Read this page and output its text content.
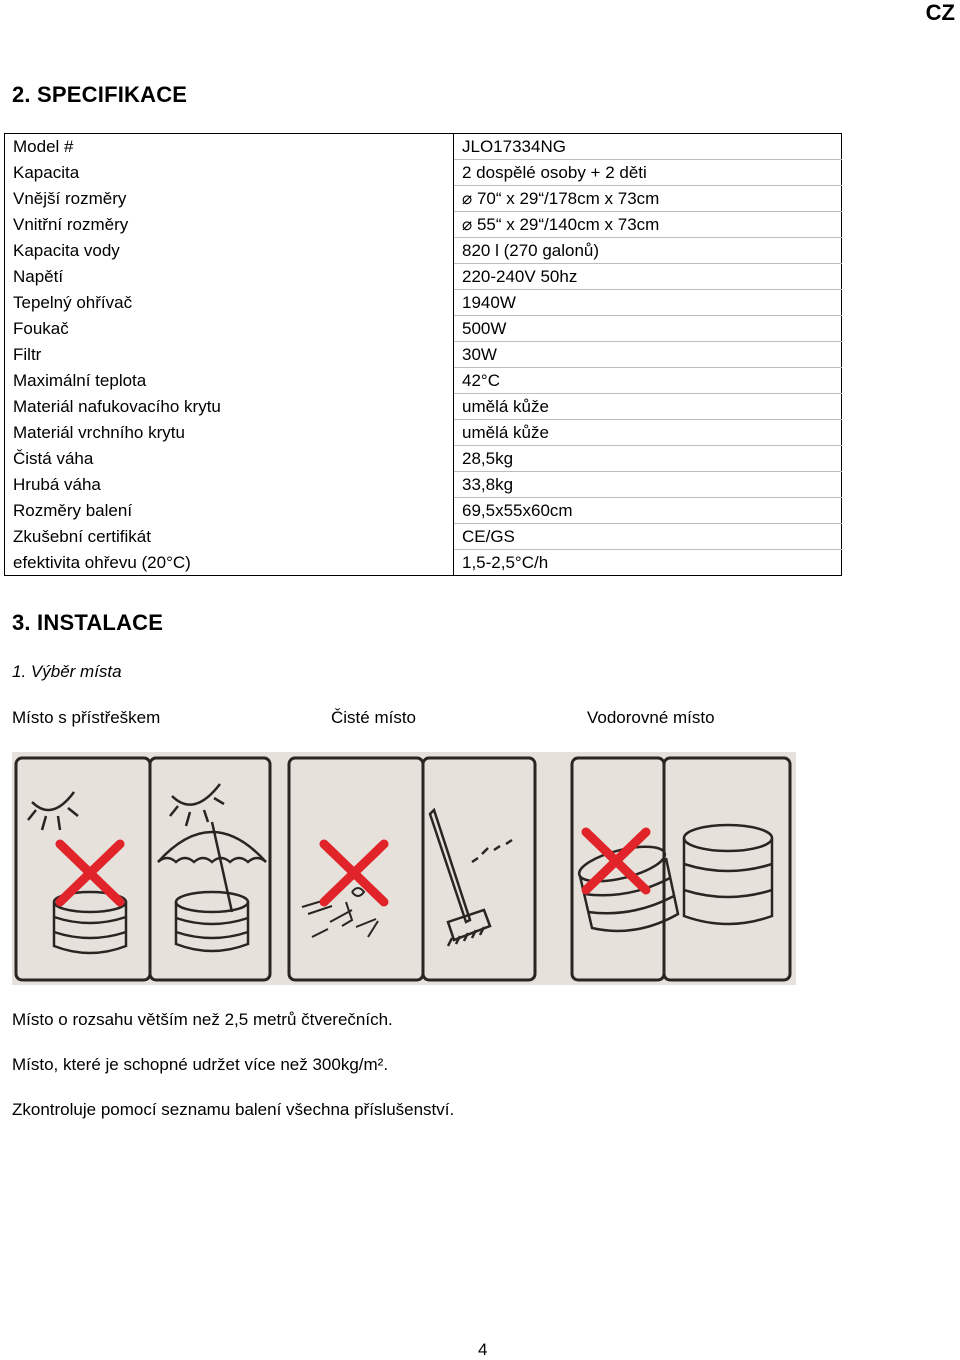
CZ
2. SPECIFIKACE
Model #	JLO17334NG
Kapacita	2 dospělé osoby + 2 děti
Vnější rozměry	⌀ 70“ x 29“/178cm x 73cm
Vnitřní rozměry	⌀ 55“ x 29“/140cm x 73cm
Kapacita vody	820 l (270 galonů)
Napětí	220-240V 50hz
Tepelný ohřívač	1940W
Foukač	500W
Filtr	30W
Maximální teplota	42°C
Materiál nafukovacího krytu	umělá kůže
Materiál vrchního krytu	umělá kůže
Čistá váha	28,5kg
Hrubá váha	33,8kg
Rozměry balení	69,5x55x60cm
Zkušební certifikát	CE/GS
efektivita ohřevu (20°C)	1,5-2,5°C/h
3. INSTALACE
1. Výběr místa
Místo s přístřeškem	Čisté místo	Vodorovné místo
Místo o rozsahu větším než 2,5 metrů čtverečních.
Místo, které je schopné udržet více než 300kg/m².
Zkontroluje pomocí seznamu balení všechna příslušenství.
4
